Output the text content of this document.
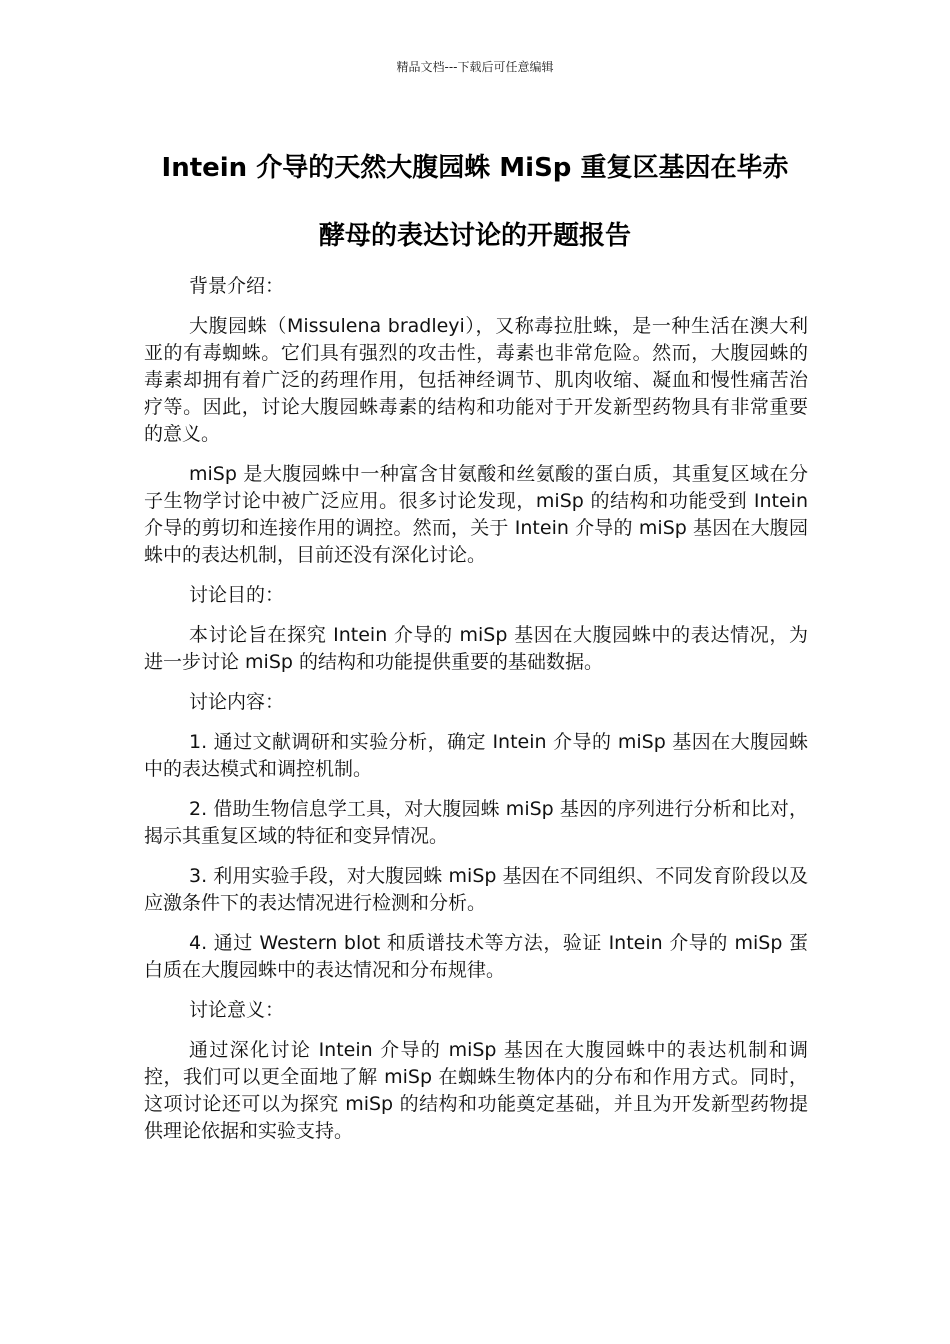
精品文档---下载后可任意编辑
Intein 介导的天然大腹园蛛 MiSp 重复区基因在毕赤
酵母的表达讨论的开题报告

背景介绍：

大腹园蛛（Missulena bradleyi），又称毒拉肚蛛，是一种生活在澳大利亚的有毒蜘蛛。它们具有强烈的攻击性，毒素也非常危险。然而，大腹园蛛的毒素却拥有着广泛的药理作用，包括神经调节、肌肉收缩、凝血和慢性痛苦治疗等。因此，讨论大腹园蛛毒素的结构和功能对于开发新型药物具有非常重要的意义。

miSp 是大腹园蛛中一种富含甘氨酸和丝氨酸的蛋白质，其重复区域在分子生物学讨论中被广泛应用。很多讨论发现，miSp 的结构和功能受到 Intein 介导的剪切和连接作用的调控。然而，关于 Intein 介导的 miSp 基因在大腹园蛛中的表达机制，目前还没有深化讨论。

讨论目的：

本讨论旨在探究 Intein 介导的 miSp 基因在大腹园蛛中的表达情况，为进一步讨论 miSp 的结构和功能提供重要的基础数据。

讨论内容：

1. 通过文献调研和实验分析，确定 Intein 介导的 miSp 基因在大腹园蛛中的表达模式和调控机制。

2. 借助生物信息学工具，对大腹园蛛 miSp 基因的序列进行分析和比对，揭示其重复区域的特征和变异情况。

3. 利用实验手段，对大腹园蛛 miSp 基因在不同组织、不同发育阶段以及应激条件下的表达情况进行检测和分析。

4. 通过 Western blot 和质谱技术等方法，验证 Intein 介导的 miSp 蛋白质在大腹园蛛中的表达情况和分布规律。

讨论意义：

通过深化讨论 Intein 介导的 miSp 基因在大腹园蛛中的表达机制和调控，我们可以更全面地了解 miSp 在蜘蛛生物体内的分布和作用方式。同时，这项讨论还可以为探究 miSp 的结构和功能奠定基础，并且为开发新型药物提供理论依据和实验支持。
